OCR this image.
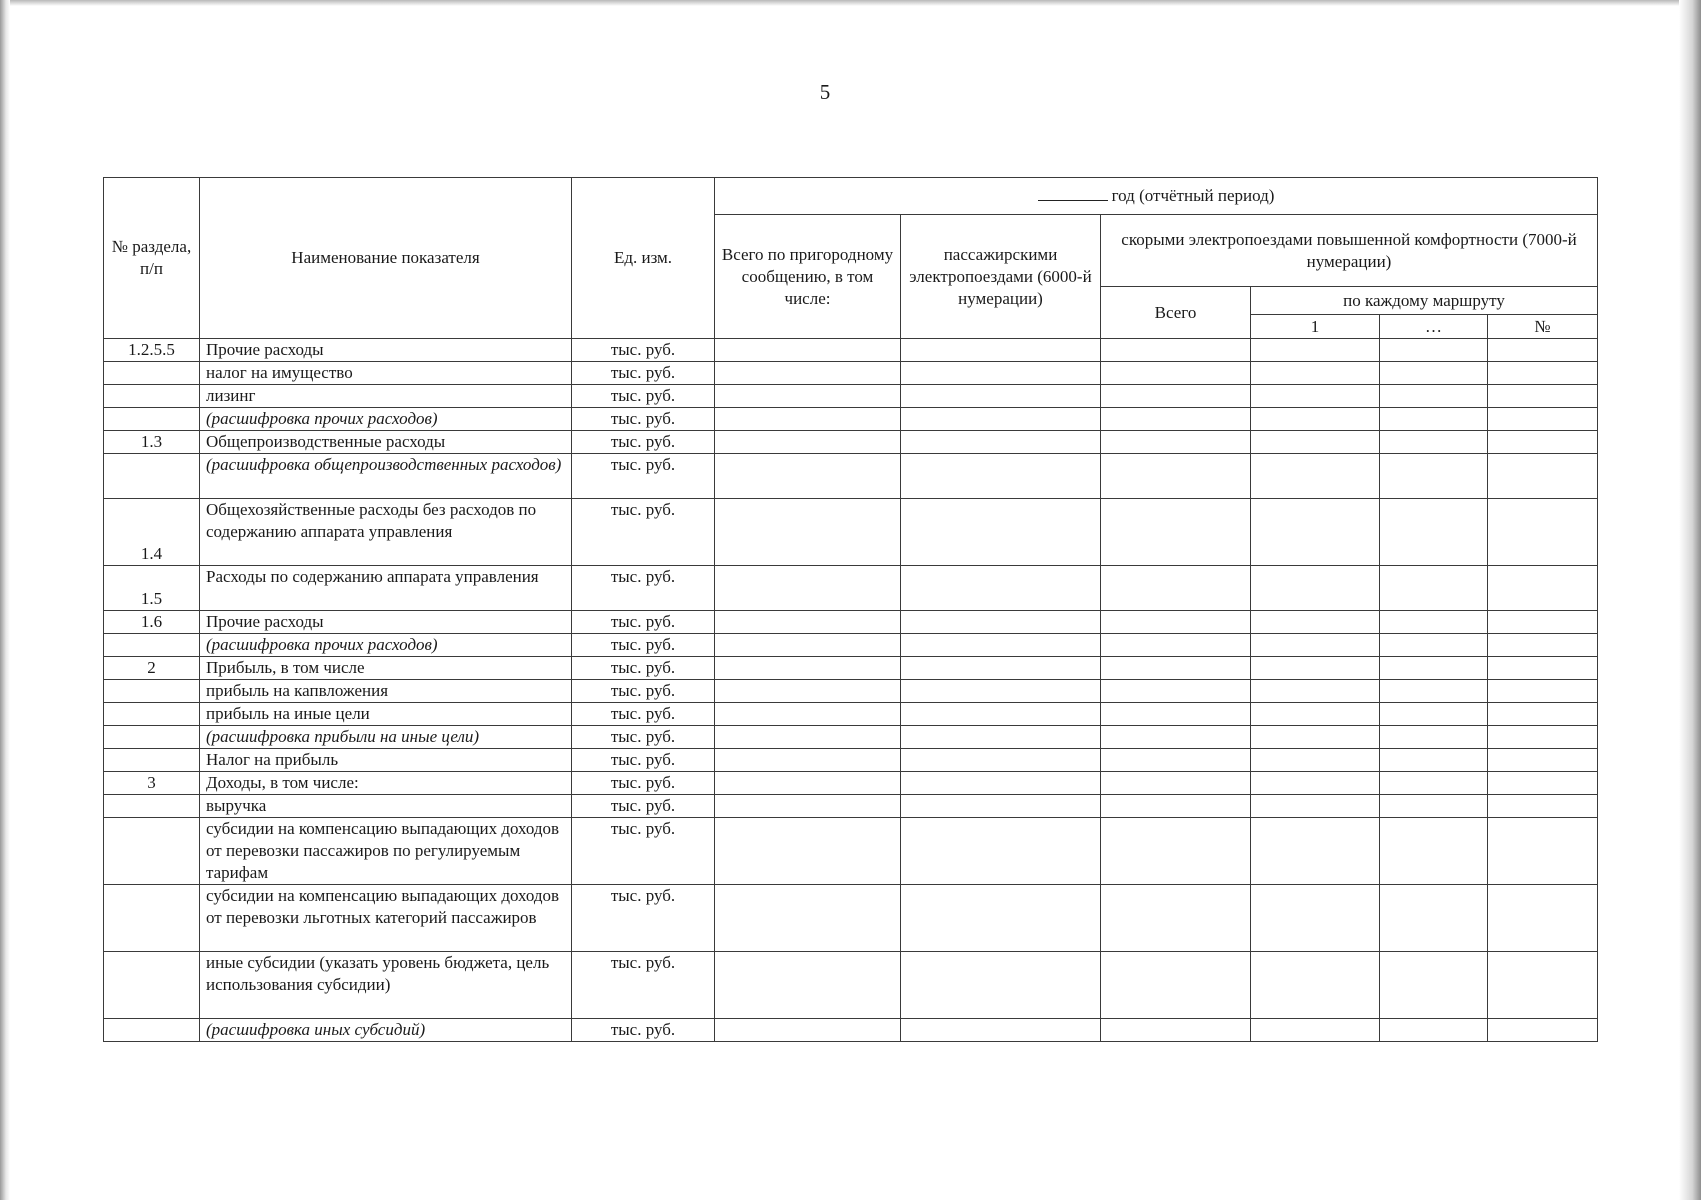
5
№ раздела, п/п	Наименование показателя	Ед. изм.	год (отчётный период)					
			Всего по пригородному сообщению, в том числе:	пассажирскими электропоездами (6000-й нумерации)	скорыми электропоездами повышенной комфортности (7000-й нумерации)			
					Всего	по каждому маршруту		
						1	…	№
1.2.5.5	Прочие расходы	тыс. руб.						
	налог на имущество	тыс. руб.						
	лизинг	тыс. руб.						
	(расшифровка прочих расходов)	тыс. руб.						
1.3	Общепроизводственные расходы	тыс. руб.						
	(расшифровка общепроизводственных расходов)	тыс. руб.						
1.4	Общехозяйственные расходы без расходов по содержанию аппарата управления	тыс. руб.						
1.5	Расходы по содержанию аппарата управления	тыс. руб.						
1.6	Прочие расходы	тыс. руб.						
	(расшифровка прочих расходов)	тыс. руб.						
2	Прибыль, в том числе	тыс. руб.						
	прибыль на капвложения	тыс. руб.						
	прибыль на иные цели	тыс. руб.						
	(расшифровка прибыли на иные цели)	тыс. руб.						
	Налог на прибыль	тыс. руб.						
3	Доходы, в том числе:	тыс. руб.						
	выручка	тыс. руб.						
	субсидии на компенсацию выпадающих доходов от перевозки пассажиров по регулируемым тарифам	тыс. руб.						
	субсидии на компенсацию выпадающих доходов от перевозки льготных категорий пассажиров	тыс. руб.						
	иные субсидии (указать уровень бюджета, цель использования субсидии)	тыс. руб.						
	(расшифровка иных субсидий)	тыс. руб.						
